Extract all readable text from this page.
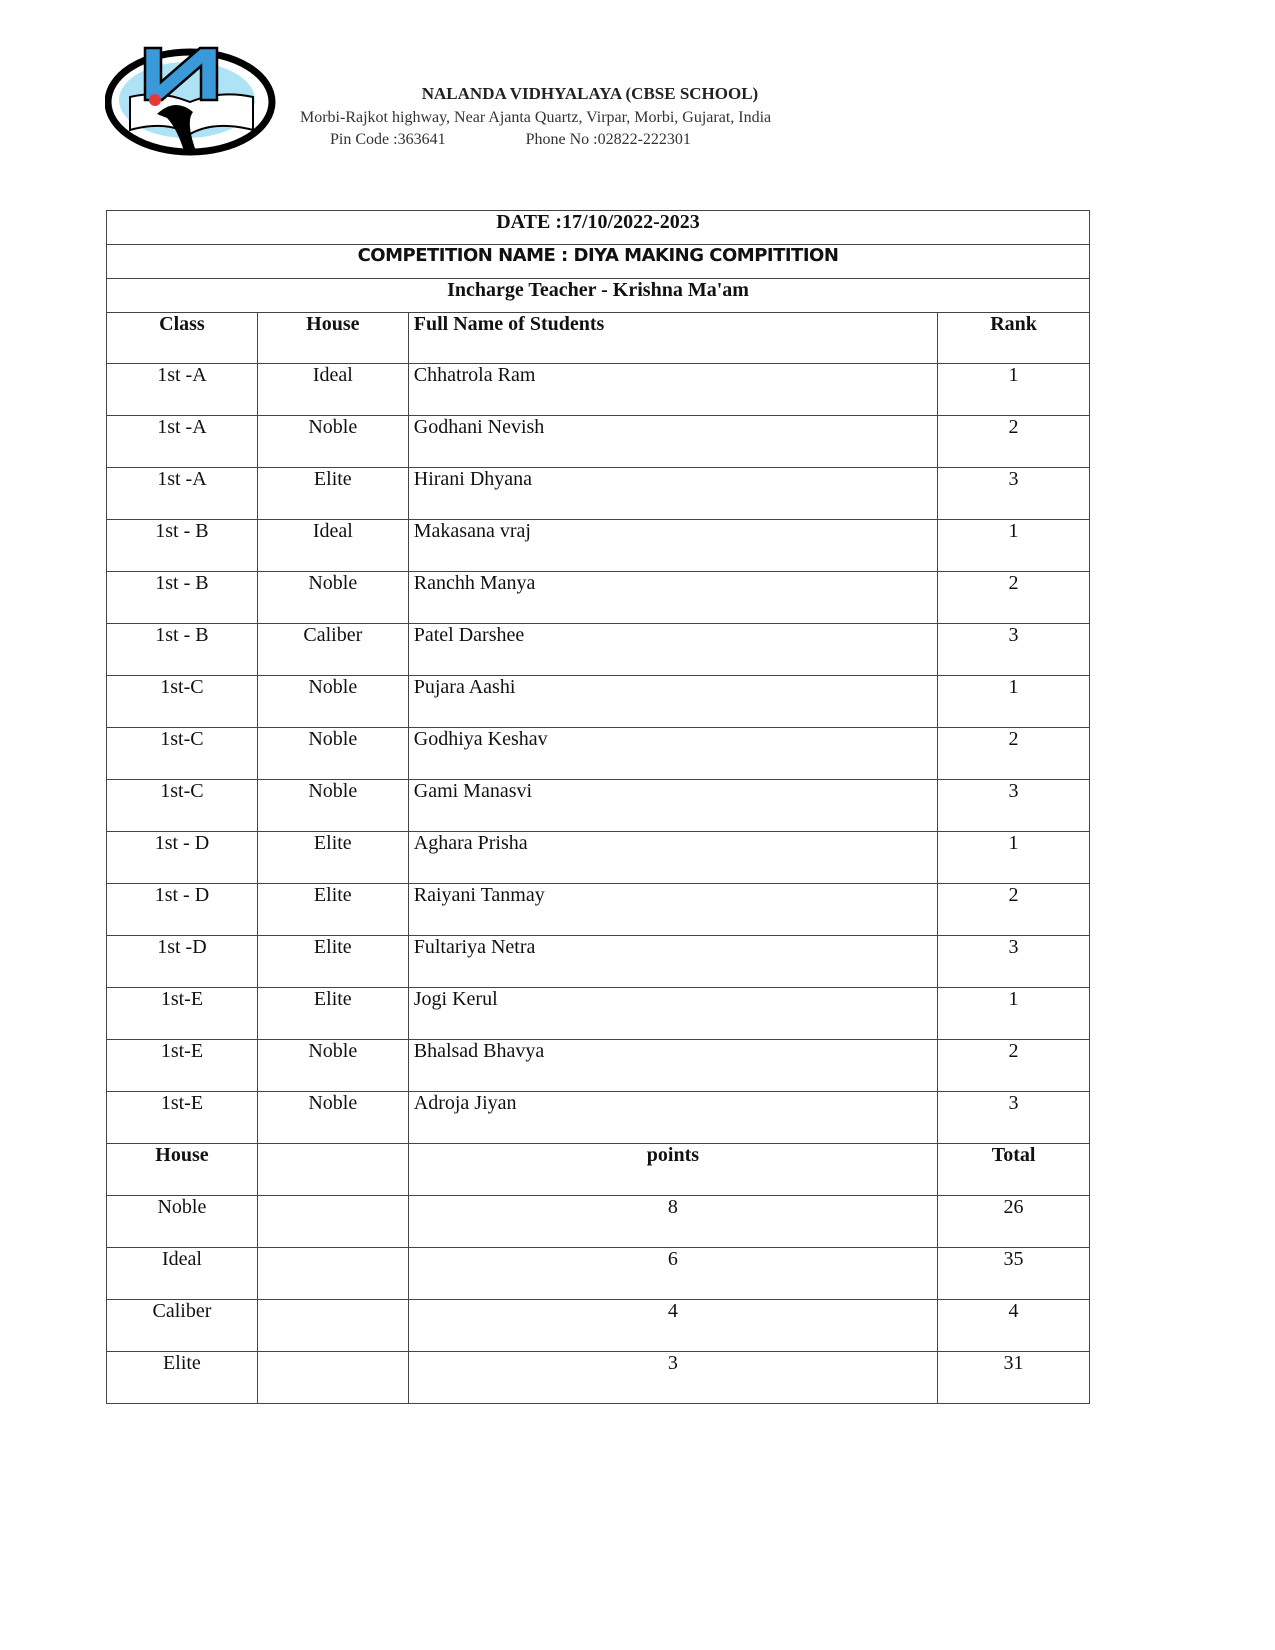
NALANDA VIDHYALAYA (CBSE SCHOOL)
Morbi-Rajkot highway, Near Ajanta Quartz, Virpar, Morbi, Gujarat, India
Pin Code :363641	Phone No :02822-222301
DATE :17/10/2022-2023			
COMPETITION NAME : DIYA MAKING COMPITITION			
Incharge Teacher - Krishna Ma'am			
Class	House	Full Name of Students	Rank
1st -A	Ideal	Chhatrola Ram	1
1st -A	Noble	Godhani Nevish	2
1st -A	Elite	Hirani Dhyana	3
1st - B	Ideal	Makasana vraj	1
1st - B	Noble	Ranchh Manya	2
1st - B	Caliber	Patel Darshee	3
1st-C	Noble	Pujara Aashi	1
1st-C	Noble	Godhiya Keshav	2
1st-C	Noble	Gami Manasvi	3
1st - D	Elite	Aghara Prisha	1
1st - D	Elite	Raiyani Tanmay	2
1st -D	Elite	Fultariya Netra	3
1st-E	Elite	Jogi Kerul	1
1st-E	Noble	Bhalsad Bhavya	2
1st-E	Noble	Adroja Jiyan	3
House		points	Total
Noble		8	26
Ideal		6	35
Caliber		4	4
Elite		3	31
